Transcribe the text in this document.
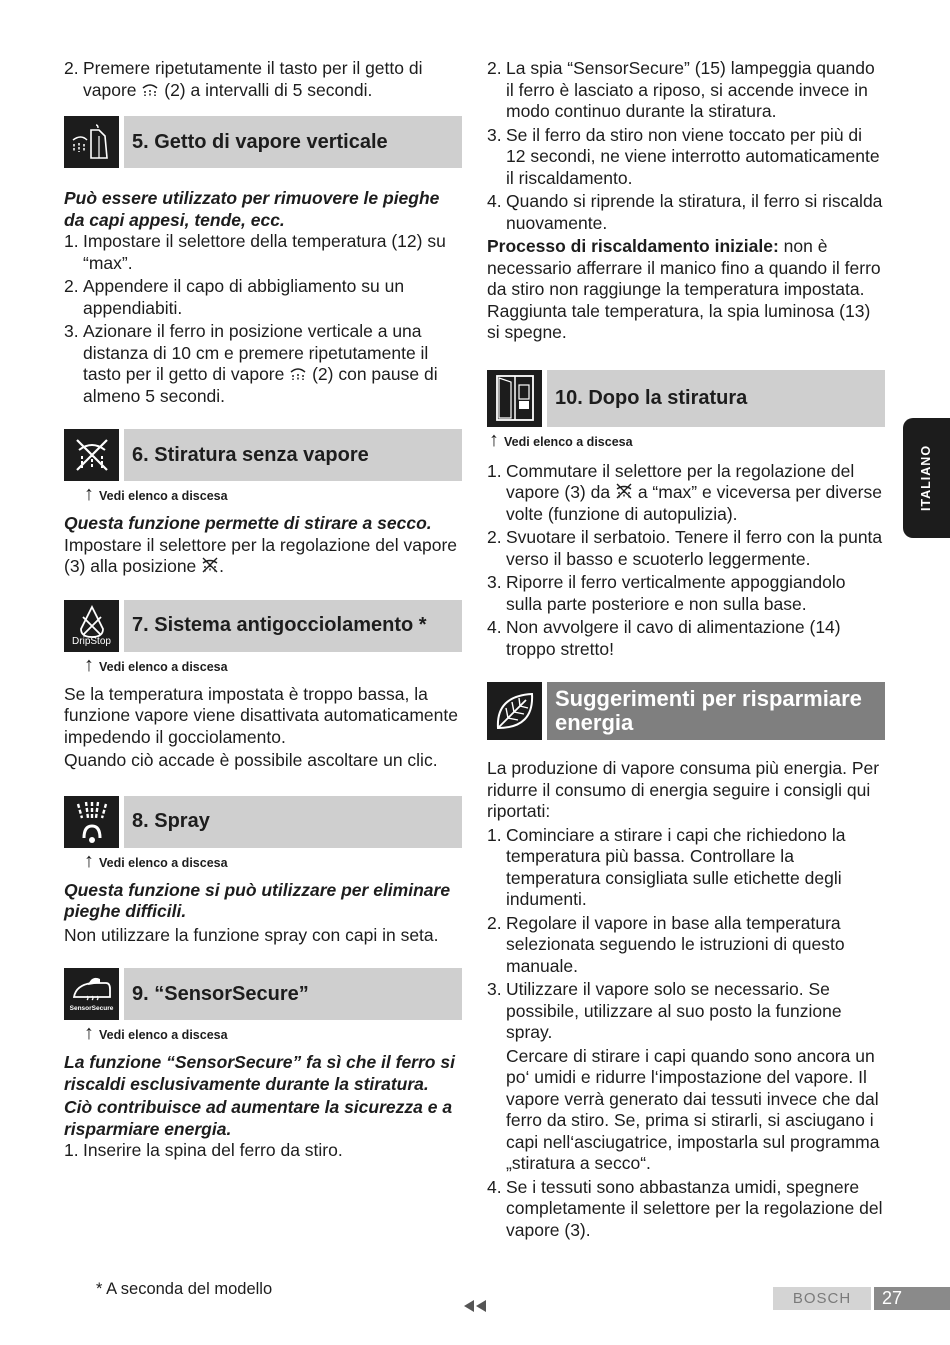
2. Premere ripetutamente il tasto per il getto di vapore  (2) a intervalli di 5 secondi.
5. Getto di vapore verticale

Può essere utilizzato per rimuovere le pieghe da capi appesi, tende, ecc.

1. Impostare il selettore della temperatura (12) su “max”.
2. Appendere il capo di abbigliamento su un appendiabiti.
3. Azionare il ferro in posizione verticale a una distanza di 10 cm e premere ripetutamente il tasto per il getto di vapore  (2) con pause di almeno 5 secondi.
6. Stiratura senza vapore
↑ Vedi elenco a discesa

Questa funzione permette di stirare a secco.

Impostare il selettore per la regolazione del vapore (3) alla posizione .

DripStop
7. Sistema antigocciolamento *
↑ Vedi elenco a discesa

Se la temperatura impostata è troppo bassa, la funzione vapore viene disattivata automaticamente impedendo il gocciolamento.

Quando ciò accade è possibile ascoltare un clic.

8. Spray
↑ Vedi elenco a discesa

Questa funzione si può utilizzare per eliminare pieghe difficili.

Non utilizzare la funzione spray con capi in seta.

SensorSecure
9. “SensorSecure”
↑ Vedi elenco a discesa

La funzione “SensorSecure” fa sì che il ferro si riscaldi esclusivamente durante la stiratura.

Ciò contribuisce ad aumentare la sicurezza e a risparmiare energia.

1. Inserire la spina del ferro da stiro.
2. La spia “SensorSecure” (15) lampeggia quando il ferro è lasciato a riposo, si accende invece in modo continuo durante la stiratura.
3. Se il ferro da stiro non viene toccato per più di 12 secondi, ne viene interrotto automaticamente il riscaldamento.
4. Quando si riprende la stiratura, il ferro si riscalda nuovamente.

Processo di riscaldamento iniziale: non è necessario afferrare il manico fino a quando il ferro da stiro non raggiunge la temperatura impostata. Raggiunta tale temperatura, la spia luminosa (13) si spegne.

10. Dopo la stiratura
↑ Vedi elenco a discesa
1. Commutare il selettore per la regolazione del vapore (3) da  a “max” e viceversa per diverse volte (funzione di autopulizia).
2. Svuotare il serbatoio. Tenere il ferro con la punta verso il basso e scuoterlo leggermente.
3. Riporre il ferro verticalmente appoggiandolo sulla parte posteriore e non sulla base.
4. Non avvolgere il cavo di alimentazione (14) troppo stretto!
Suggerimenti per risparmiare energia

La produzione di vapore consuma più energia. Per ridurre il consumo di energia seguire i consigli qui riportati:

1. Cominciare a stirare i capi che richiedono la temperatura più bassa. Controllare la temperatura consigliata sulle etichette degli indumenti.
2. Regolare il vapore in base alla temperatura selezionata seguendo le istruzioni di questo manuale.
3. Utilizzare il vapore solo se necessario. Se possibile, utilizzare al suo posto la funzione spray.

Cercare di stirare i capi quando sono ancora un po‘ umidi e ridurre l‘impostazione del vapore. Il vapore verrà generato dai tessuti invece che dal ferro da stiro. Se, prima si stirarli, si asciugano i capi nell‘asciugatrice, impostarla sul programma „stiratura a secco“.
4. Se i tessuti sono abbastanza umidi, spegnere completamente il selettore per la regolazione del vapore (3).
ITALIANO
* A seconda del modello
BOSCH	27
